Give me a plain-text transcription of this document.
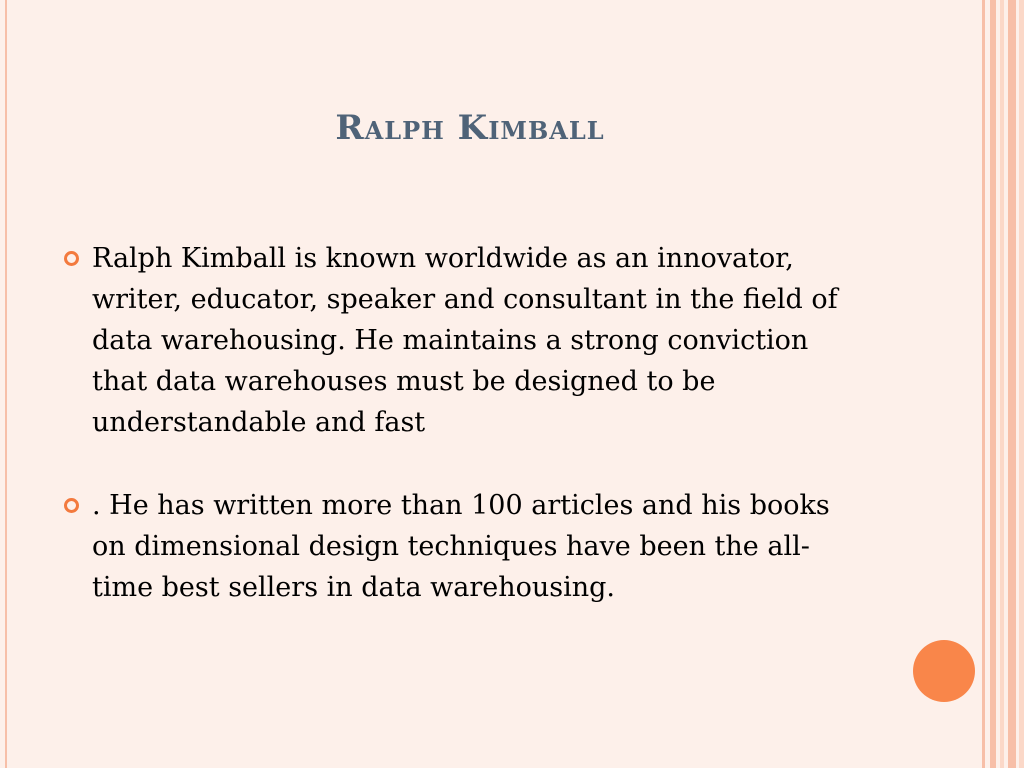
Ralph Kimball
Ralph Kimball is known worldwide as an innovator, writer, educator, speaker and consultant in the field of data warehousing. He maintains a strong conviction that data warehouses must be designed to be understandable and fast
. He has written more than 100 articles and his books on dimensional design techniques have been the all-time best sellers in data warehousing.
